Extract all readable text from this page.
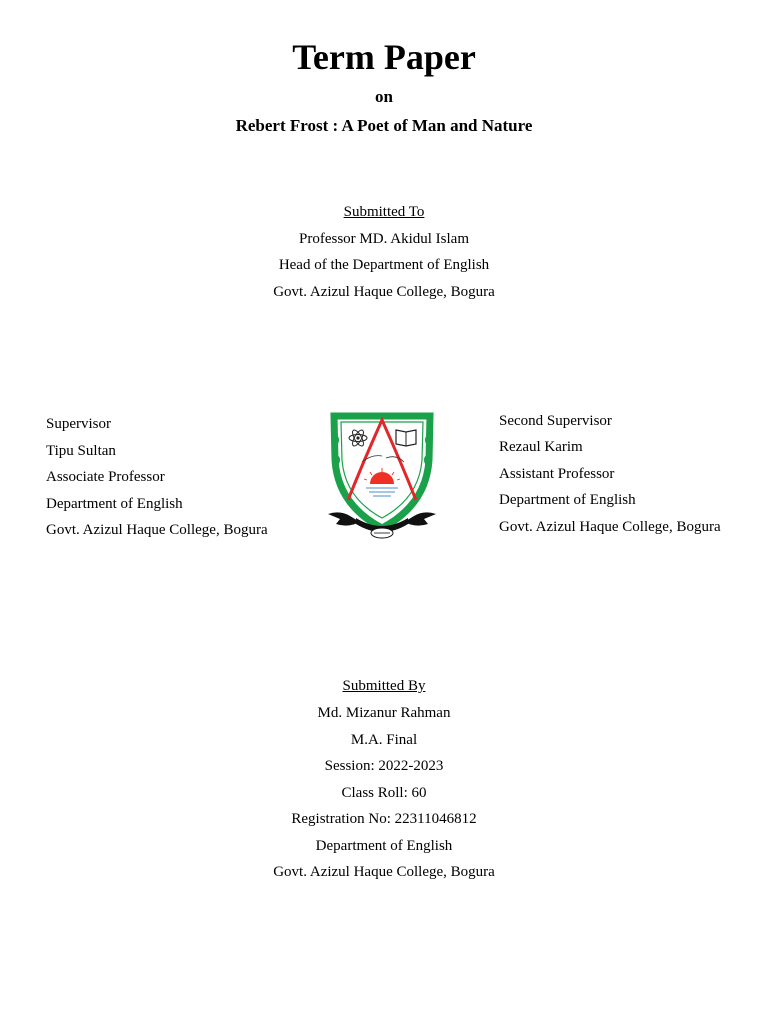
Term Paper
on
Rebert Frost : A Poet of Man and Nature
Submitted To
Professor MD. Akidul Islam
Head of the Department of English
Govt. Azizul Haque College, Bogura
Supervisor
Tipu Sultan
Associate Professor
Department of English
Govt. Azizul Haque College, Bogura
Second Supervisor
Rezaul Karim
Assistant Professor
Department of English
Govt. Azizul Haque College, Bogura
Submitted By
Md. Mizanur Rahman
M.A. Final
Session: 2022-2023
Class Roll: 60
Registration No: 22311046812
Department of English
Govt. Azizul Haque College, Bogura
